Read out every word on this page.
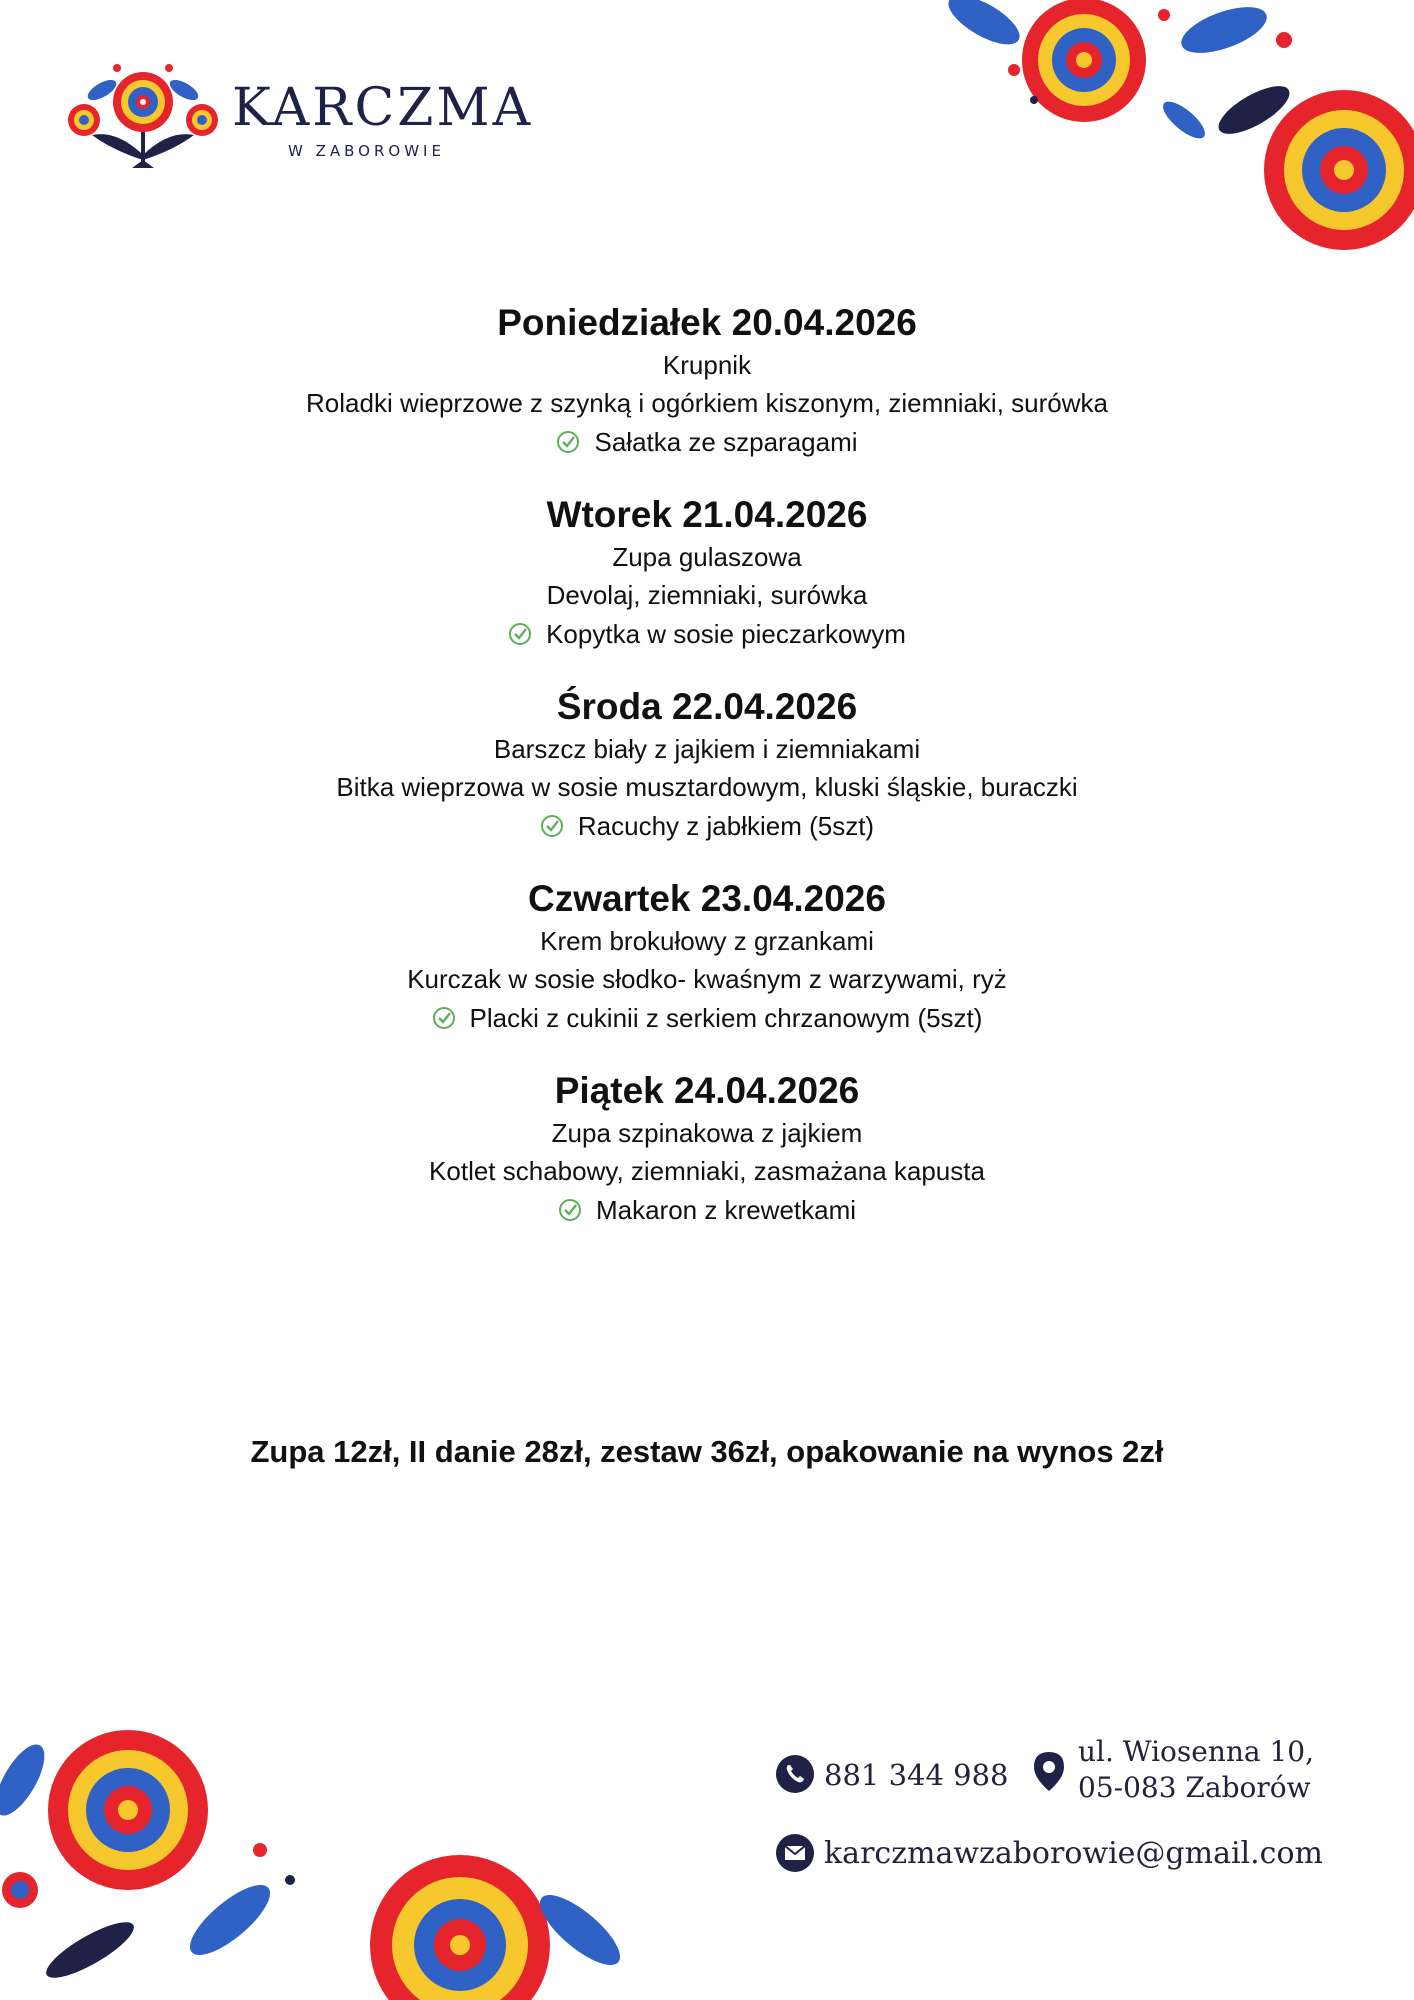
KARCZMA
W ZABOROWIE
Poniedziałek 20.04.2026
Krupnik
Roladki wieprzowe z szynką i ogórkiem kiszonym, ziemniaki, surówka
Sałatka ze szparagami
Wtorek 21.04.2026
Zupa gulaszowa
Devolaj, ziemniaki, surówka
Kopytka w sosie pieczarkowym
Środa 22.04.2026
Barszcz biały z jajkiem i ziemniakami
Bitka wieprzowa w sosie musztardowym, kluski śląskie, buraczki
Racuchy z jabłkiem (5szt)
Czwartek 23.04.2026
Krem brokułowy z grzankami
Kurczak w sosie słodko- kwaśnym z warzywami, ryż
Placki z cukinii z serkiem chrzanowym (5szt)
Piątek 24.04.2026
Zupa szpinakowa z jajkiem
Kotlet schabowy, ziemniaki, zasmażana kapusta
Makaron z krewetkami
Zupa 12zł, II danie 28zł, zestaw 36zł, opakowanie na wynos 2zł
881 344 988
ul. Wiosenna 10,
05-083 Zaborów
karczmawzaborowie@gmail.com
